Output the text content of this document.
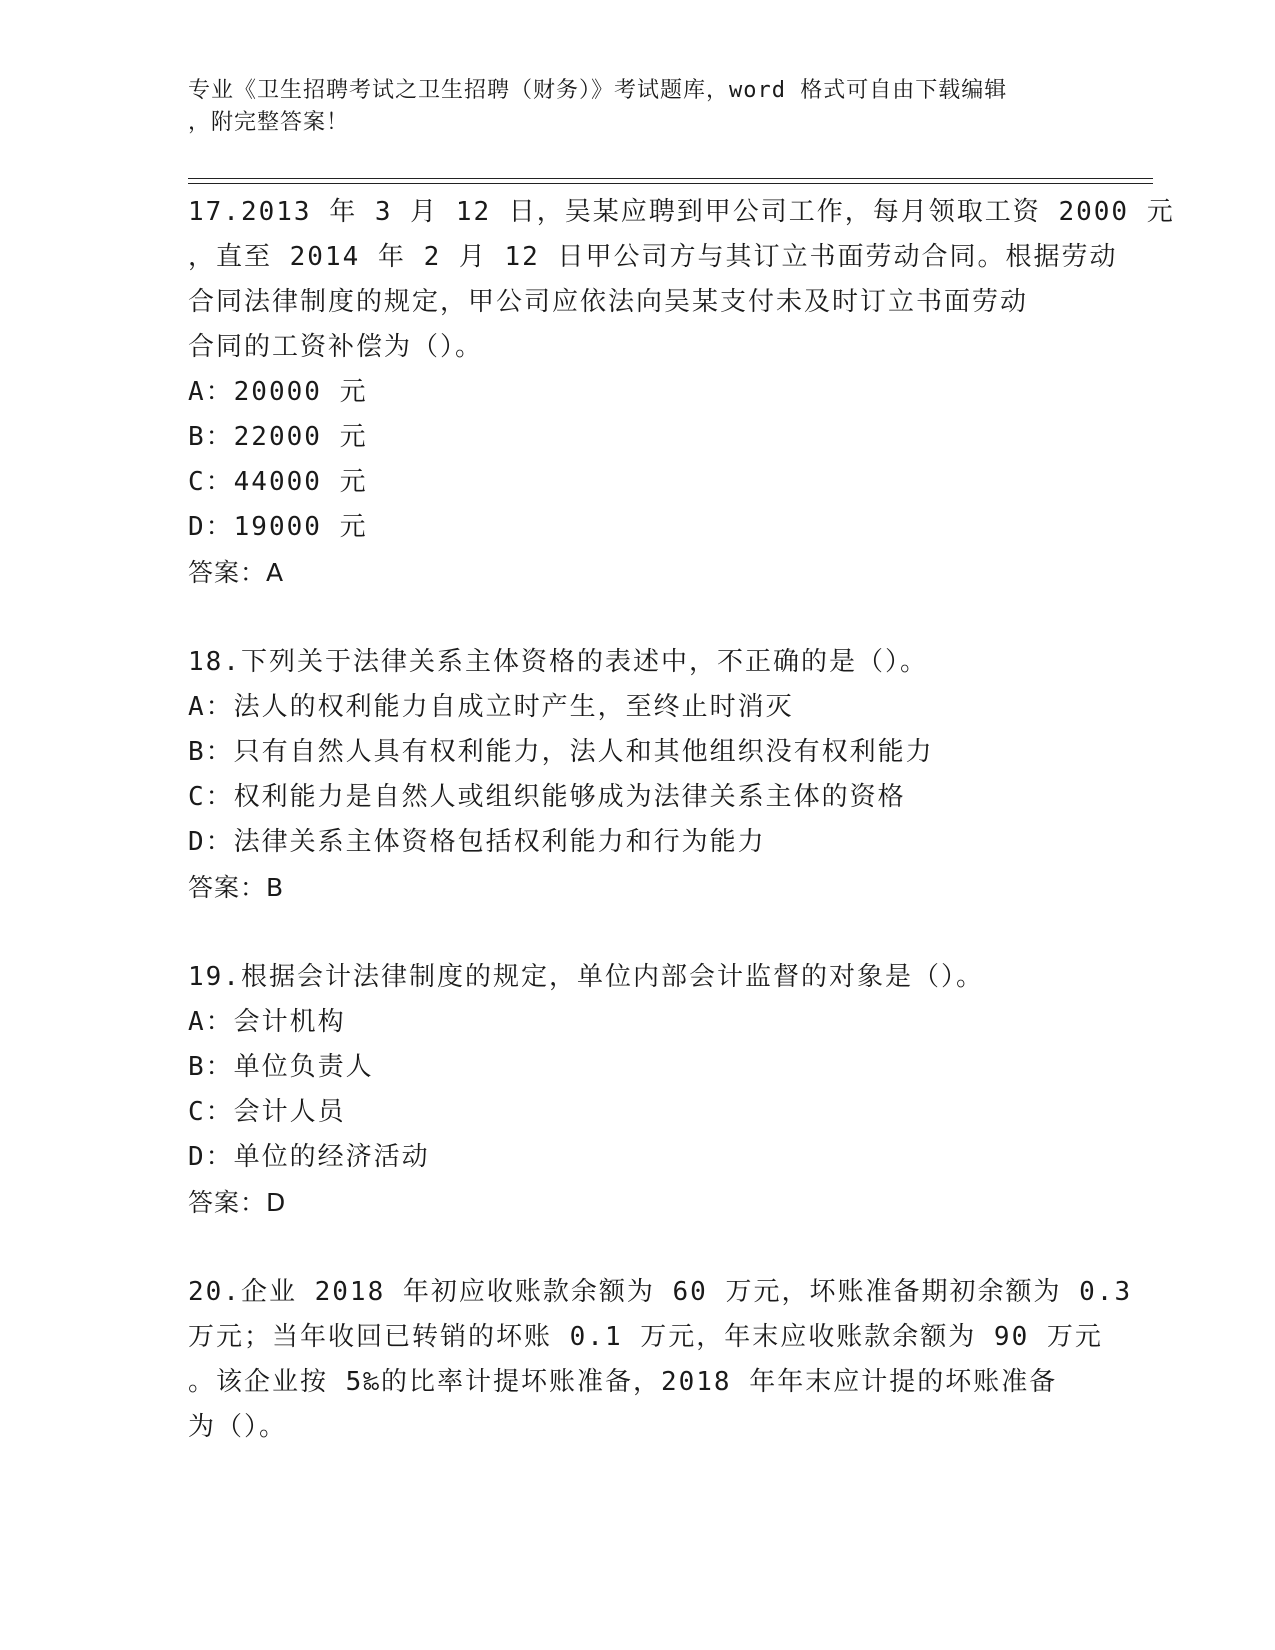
专业《卫生招聘考试之卫生招聘（财务）》考试题库，word 格式可自由下载编辑
，附完整答案！
17.2013 年 3 月 12 日，吴某应聘到甲公司工作，每月领取工资 2000 元
，直至 2014 年 2 月 12 日甲公司方与其订立书面劳动合同。根据劳动
合同法律制度的规定，甲公司应依法向吴某支付未及时订立书面劳动
合同的工资补偿为（）。
A：20000 元
B：22000 元
C：44000 元
D：19000 元
答案：A
18.下列关于法律关系主体资格的表述中，不正确的是（）。
A：法人的权利能力自成立时产生，至终止时消灭
B：只有自然人具有权利能力，法人和其他组织没有权利能力
C：权利能力是自然人或组织能够成为法律关系主体的资格
D：法律关系主体资格包括权利能力和行为能力
答案：B
19.根据会计法律制度的规定，单位内部会计监督的对象是（）。
A：会计机构
B：单位负责人
C：会计人员
D：单位的经济活动
答案：D
20.企业 2018 年初应收账款余额为 60 万元，坏账准备期初余额为 0.3
万元；当年收回已转销的坏账 0.1 万元，年末应收账款余额为 90 万元
。该企业按 5‰的比率计提坏账准备，2018 年年末应计提的坏账准备
为（）。
